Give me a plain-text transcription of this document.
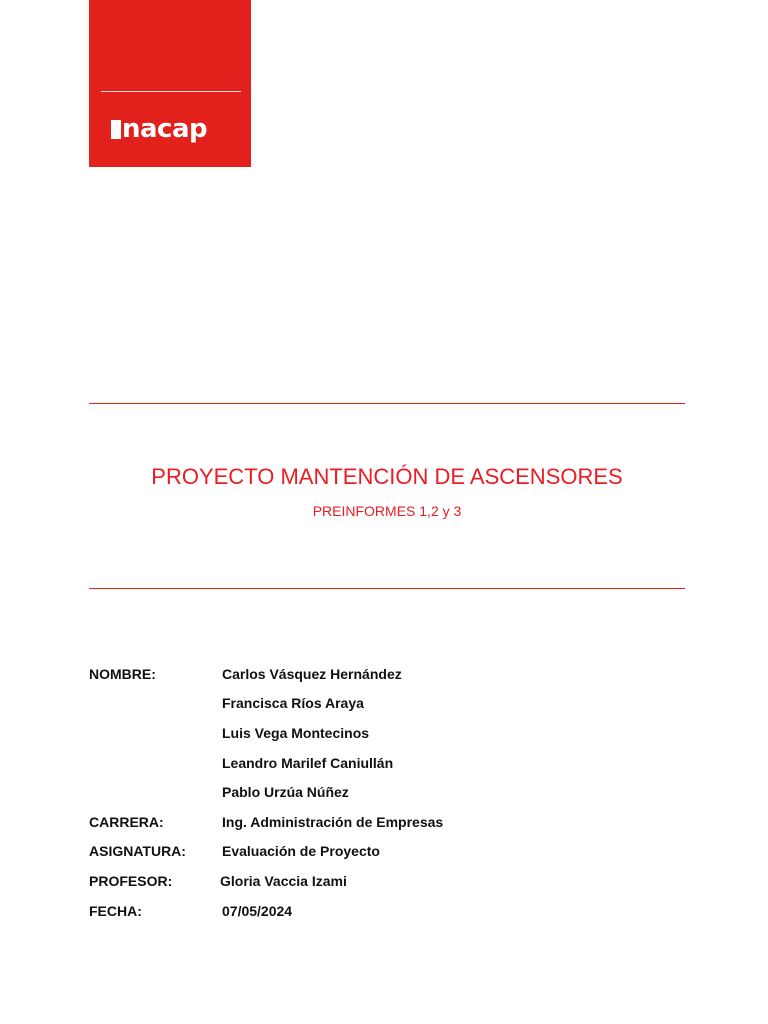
nacap
PROYECTO MANTENCIÓN DE ASCENSORES
PREINFORMES 1,2 y 3
NOMBRE:	Carlos Vásquez Hernández
Francisca Ríos Araya
Luis Vega Montecinos
Leandro Marilef Caniullán
Pablo Urzúa Núñez
CARRERA:	Ing. Administración de Empresas
ASIGNATURA:	Evaluación de Proyecto
PROFESOR:	Gloria Vaccia Izami
FECHA:	07/05/2024
